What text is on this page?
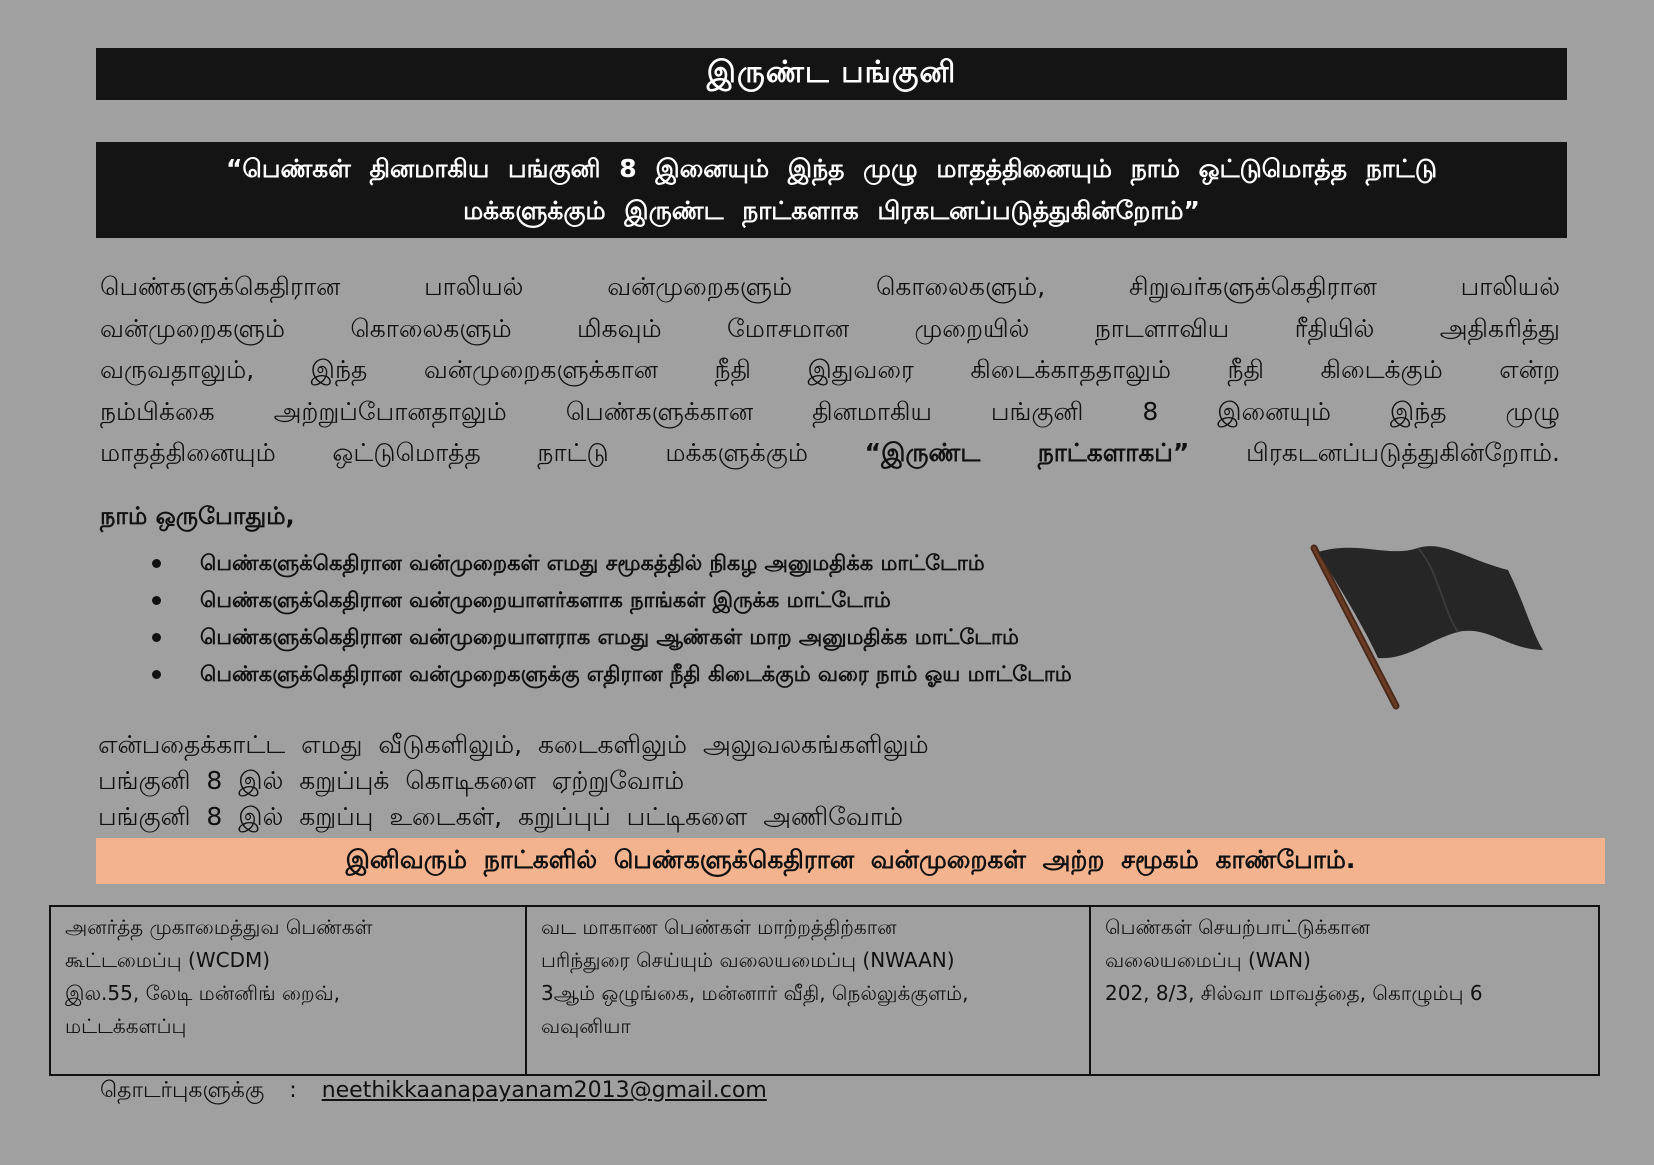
இருண்ட பங்குனி
“பெண்கள் தினமாகிய பங்குனி 8 இனையும் இந்த முழு மாதத்தினையும் நாம் ஒட்டுமொத்த நாட்டு
மக்களுக்கும் இருண்ட நாட்களாக பிரகடனப்படுத்துகின்றோம்”
பெண்களுக்கெதிரான பாலியல் வன்முறைகளும் கொலைகளும், சிறுவர்களுக்கெதிரான பாலியல்
வன்முறைகளும் கொலைகளும் மிகவும் மோசமான முறையில் நாடளாவிய ரீதியில் அதிகரித்து
வருவதாலும், இந்த வன்முறைகளுக்கான நீதி இதுவரை கிடைக்காததாலும் நீதி கிடைக்கும் என்ற
நம்பிக்கை அற்றுப்போனதாலும் பெண்களுக்கான தினமாகிய பங்குனி 8 இனையும் இந்த முழு
மாதத்தினையும் ஒட்டுமொத்த நாட்டு மக்களுக்கும் “இருண்ட நாட்களாகப்” பிரகடனப்படுத்துகின்றோம்.
நாம் ஒருபோதும்,
பெண்களுக்கெதிரான வன்முறைகள் எமது சமூகத்தில் நிகழ அனுமதிக்க மாட்டோம்
பெண்களுக்கெதிரான வன்முறையாளர்களாக நாங்கள் இருக்க மாட்டோம்
பெண்களுக்கெதிரான வன்முறையாளராக எமது ஆண்கள் மாற அனுமதிக்க மாட்டோம்
பெண்களுக்கெதிரான வன்முறைகளுக்கு எதிரான நீதி கிடைக்கும் வரை நாம் ஓய மாட்டோம்
என்பதைக்காட்ட எமது வீடுகளிலும், கடைகளிலும் அலுவலகங்களிலும்
பங்குனி 8 இல் கறுப்புக் கொடிகளை ஏற்றுவோம்
பங்குனி 8 இல் கறுப்பு உடைகள், கறுப்புப் பட்டிகளை அணிவோம்
இனிவரும் நாட்களில் பெண்களுக்கெதிரான வன்முறைகள் அற்ற சமூகம் காண்போம்.
அனர்த்த முகாமைத்துவ பெண்கள்
கூட்டமைப்பு (WCDM)
இல.55, லேடி மன்னிங் றைவ்,
மட்டக்களப்பு
வட மாகாண பெண்கள் மாற்றத்திற்கான
பரிந்துரை செய்யும் வலையமைப்பு (NWAAN)
3ஆம் ஒழுங்கை, மன்னார் வீதி, நெல்லுக்குளம்,
வவுனியா
பெண்கள் செயற்பாட்டுக்கான
வலையமைப்பு (WAN)
202, 8/3, சில்வா மாவத்தை, கொழும்பு 6
தொடர்புகளுக்கு : neethikkaanapayanam2013@gmail.com
